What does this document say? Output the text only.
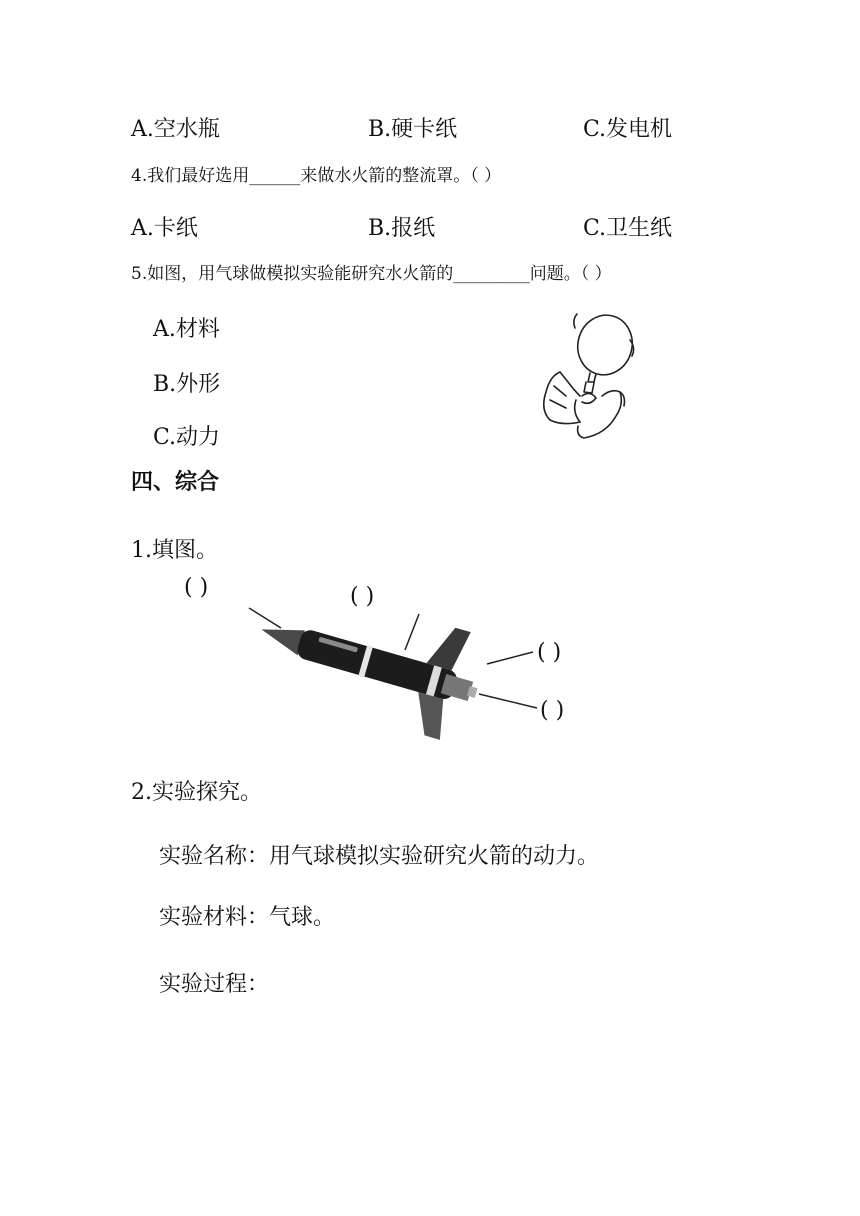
A.空水瓶	B.硬卡纸	C.发电机
4.我们最好选用______来做水火箭的整流罩。（ ）
A.卡纸	B.报纸	C.卫生纸
5.如图，用气球做模拟实验能研究水火箭的_________问题。（ ）
A.材料
B.外形
C.动力
四、综合
1.填图。
( )	( )
( )
( )
2.实验探究。
实验名称：用气球模拟实验研究火箭的动力。
实验材料：气球。
实验过程：
